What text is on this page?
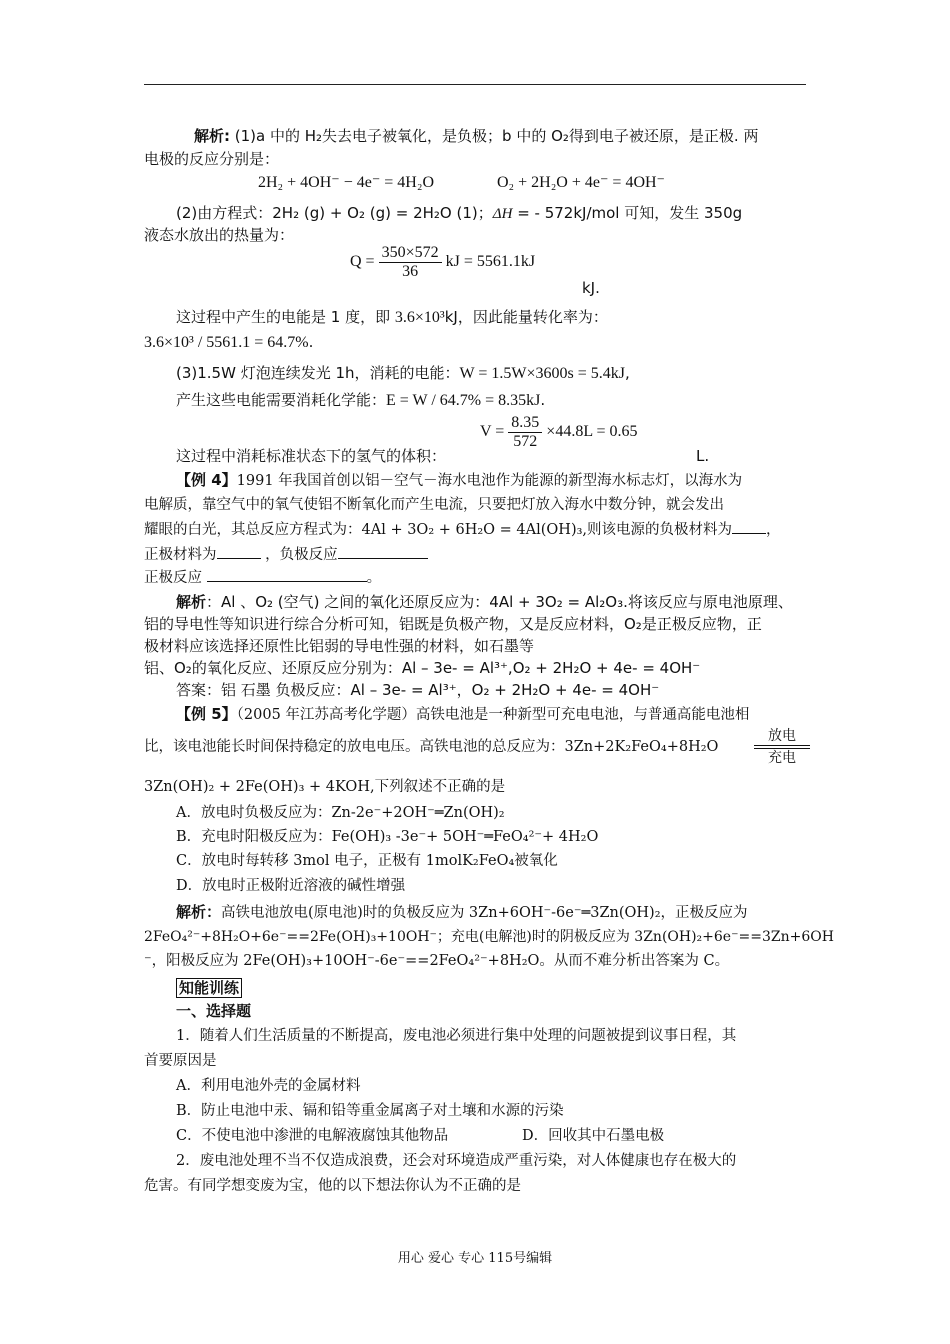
解析: (1)a 中的 H₂失去电子被氧化，是负极；b 中的 O₂得到电子被还原，是正极. 两
电极的反应分别是：
2H₂ + 4OH⁻ − 4e⁻ = 4H₂O	O₂ + 2H₂O + 4e⁻ = 4OH⁻
(2)由方程式：2H₂ (g) + O₂ (g) = 2H₂O (1)；ΔH = - 572kJ/mol 可知，发生 350g
液态水放出的热量为：
$Q = \frac{350\times 572}{36}$ kJ = 5561.1kJ
kJ.
这过程中产生的电能是 1 度，即 3.6×10³kJ，因此能量转化率为：
3.6×10³ / 5561.1 = 64.7%.
(3)1.5W 灯泡连续发光 1h，消耗的电能：W = 1.5W×3600s = 5.4kJ,
产生这些电能需要消耗化学能：E = W / 64.7% = 8.35kJ.
这过程中消耗标准状态下的氢气的体积：
$V = \frac{8.35}{572} \times 44.8L = 0.65$
L.
【例 4】1991 年我国首创以铝－空气－海水电池作为能源的新型海水标志灯，以海水为
电解质，靠空气中的氧气使铝不断氧化而产生电流，只要把灯放入海水中数分钟，就会发出
耀眼的白光，其总反应方程式为：4Al + 3O₂ + 6H₂O = 4Al(OH)₃,则该电源的负极材料为 ，
正极材料为	，负极反应
正极反应	。
解析：Al 、O₂ (空气) 之间的氧化还原反应为：4Al + 3O₂ = Al₂O₃.将该反应与原电池原理、
铝的导电性等知识进行综合分析可知，铝既是负极产物，又是反应材料，O₂是正极反应物，正
极材料应该选择还原性比铝弱的导电性强的材料，如石墨等
铝、O₂的氧化反应、还原反应分别为：Al – 3e- = Al³⁺,O₂ + 2H₂O + 4e- = 4OH⁻
答案：铝 石墨 负极反应：Al – 3e- = Al³⁺，O₂ + 2H₂O + 4e- = 4OH⁻
【例 5】（2005 年江苏高考化学题）高铁电池是一种新型可充电电池，与普通高能电池相
比，该电池能长时间保持稳定的放电电压。高铁电池的总反应为：3Zn+2K₂FeO₄+8H₂O
放电
充电
3Zn(OH)₂ + 2Fe(OH)₃ + 4KOH,下列叙述不正确的是
A．放电时负极反应为：Zn-2e⁻+2OH⁻═Zn(OH)₂
B．充电时阳极反应为：Fe(OH)₃ -3e⁻+ 5OH⁻═FeO₄²⁻+ 4H₂O
C．放电时每转移 3mol 电子，正极有 1molK₂FeO₄被氧化
D．放电时正极附近溶液的碱性增强
解析：高铁电池放电(原电池)时的负极反应为 3Zn+6OH⁻-6e⁻═3Zn(OH)₂，正极反应为
2FeO₄²⁻+8H₂O+6e⁻==2Fe(OH)₃+10OH⁻；充电(电解池)时的阴极反应为 3Zn(OH)₂+6e⁻==3Zn+6OH
⁻，阳极反应为 2Fe(OH)₃+10OH⁻-6e⁻==2FeO₄²⁻+8H₂O。从而不难分析出答案为 C。
知能训练
一、选择题
1．随着人们生活质量的不断提高，废电池必须进行集中处理的问题被提到议事日程，其
首要原因是
A．利用电池外壳的金属材料
B．防止电池中汞、镉和铅等重金属离子对土壤和水源的污染
C．不使电池中渗泄的电解液腐蚀其他物品	D．回收其中石墨电极
2．废电池处理不当不仅造成浪费，还会对环境造成严重污染，对人体健康也存在极大的
危害。有同学想变废为宝，他的以下想法你认为不正确的是
用心 爱心 专心 115号编辑
